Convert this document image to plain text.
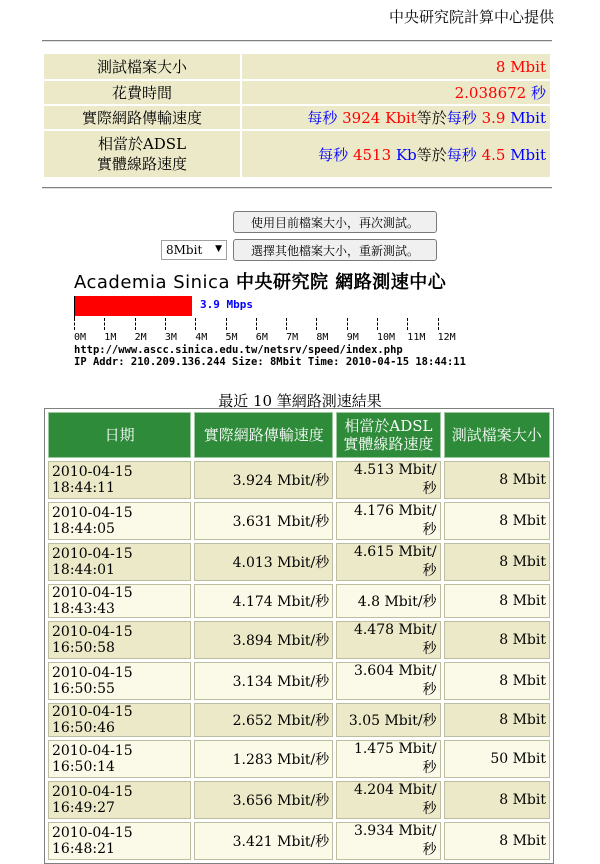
中央研究院計算中心提供
測試檔案大小	8 Mbit
花費時間	2.038672 秒
實際網路傳輸速度	每秒 3924 Kbit等於每秒 3.9 Mbit

相當於ADSL
實體線路速度	每秒 4513 Kb等於每秒 4.5 Mbit
使用目前檔案大小，再次測試。
8Mbit ▼	選擇其他檔案大小，重新測試。
Academia Sinica 中央研究院 網路測速中心
3.9 Mbps
0M 1M 2M 3M 4M 5M 6M 7M 8M 9M 10M 11M 12M
http://www.ascc.sinica.edu.tw/netsrv/speed/index.php
IP Addr: 210.209.136.244 Size: 8Mbit Time: 2010-04-15 18:44:11
最近 10 筆網路測速結果
日期	實際網路傳輸速度	相當於ADSL
實體線路速度	測試檔案大小
2010-04-15 18:44:11	3.924 Mbit/秒	4.513 Mbit/秒	8 Mbit
2010-04-15 18:44:05	3.631 Mbit/秒	4.176 Mbit/秒	8 Mbit
2010-04-15 18:44:01	4.013 Mbit/秒	4.615 Mbit/秒	8 Mbit
2010-04-15 18:43:43	4.174 Mbit/秒	4.8 Mbit/秒	8 Mbit
2010-04-15 16:50:58	3.894 Mbit/秒	4.478 Mbit/秒	8 Mbit
2010-04-15 16:50:55	3.134 Mbit/秒	3.604 Mbit/秒	8 Mbit
2010-04-15 16:50:46	2.652 Mbit/秒	3.05 Mbit/秒	8 Mbit
2010-04-15 16:50:14	1.283 Mbit/秒	1.475 Mbit/秒	50 Mbit
2010-04-15 16:49:27	3.656 Mbit/秒	4.204 Mbit/秒	8 Mbit
2010-04-15 16:48:21	3.421 Mbit/秒	3.934 Mbit/秒	8 Mbit
